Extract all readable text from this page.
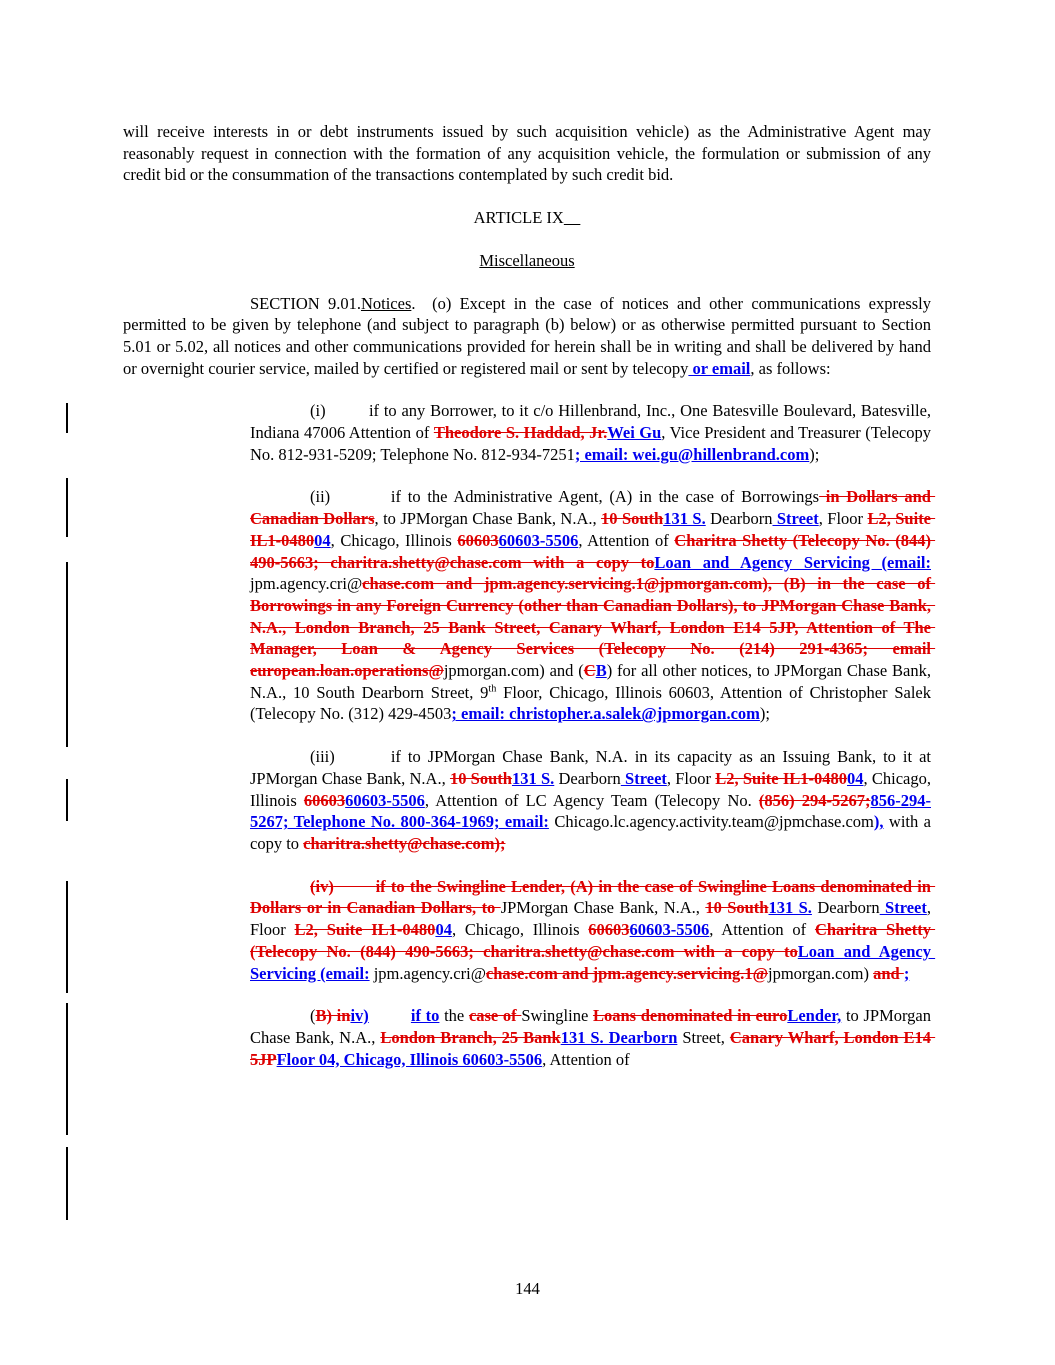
will receive interests in or debt instruments issued by such acquisition vehicle) as the Administrative Agent may reasonably request in connection with the formation of any acquisition vehicle, the formulation or submission of any credit bid or the consummation of the transactions contemplated by such credit bid.

ARTICLE IX

Miscellaneous

SECTION 9.01.Notices.  (o) Except in the case of notices and other communications expressly permitted to be given by telephone (and subject to paragraph (b) below) or as otherwise permitted pursuant to Section 5.01 or 5.02, all notices and other communications provided for herein shall be in writing and shall be delivered by hand or overnight courier service, mailed by certified or registered mail or sent by telecopy or email, as follows:

(i)	if to any Borrower, to it c/o Hillenbrand, Inc., One Batesville Boulevard, Batesville, Indiana 47006 Attention of Theodore S. Haddad, Jr.Wei Gu, Vice President and Treasurer (Telecopy No. 812-931-5209; Telephone No. 812-934-7251; email: wei.gu@hillenbrand.com);

(ii)	if to the Administrative Agent, (A) in the case of Borrowings in Dollars and Canadian Dollars, to JPMorgan Chase Bank, N.A., 10 South131 S. Dearborn Street, Floor L2, Suite IL1-048004, Chicago, Illinois 6060360603-5506, Attention of Charitra Shetty (Telecopy No. (844) 490-5663; charitra.shetty@chase.com with a copy toLoan and Agency Servicing (email: jpm.agency.cri@chase.com and jpm.agency.servicing.1@jpmorgan.com), (B) in the case of Borrowings in any Foreign Currency (other than Canadian Dollars), to JPMorgan Chase Bank, N.A., London Branch, 25 Bank Street, Canary Wharf, London E14 5JP, Attention of The Manager, Loan & Agency Services (Telecopy No. (214) 291-4365; email european.loan.operations@jpmorgan.com) and (CB) for all other notices, to JPMorgan Chase Bank, N.A., 10 South Dearborn Street, 9th Floor, Chicago, Illinois 60603, Attention of Christopher Salek (Telecopy No. (312) 429-4503; email: christopher.a.salek@jpmorgan.com);

(iii)	if to JPMorgan Chase Bank, N.A. in its capacity as an Issuing Bank, to it at JPMorgan Chase Bank, N.A., 10 South131 S. Dearborn Street, Floor L2, Suite IL1-048004, Chicago, Illinois 6060360603-5506, Attention of LC Agency Team (Telecopy No. (856) 294-5267;856-294-5267; Telephone No. 800-364-1969; email: Chicago.lc.agency.activity.team@jpmchase.com), with a copy to charitra.shetty@chase.com);

(iv)	if to the Swingline Lender, (A) in the case of Swingline Loans denominated in Dollars or in Canadian Dollars, to JPMorgan Chase Bank, N.A., 10 South131 S. Dearborn Street, Floor L2, Suite IL1-048004, Chicago, Illinois 6060360603-5506, Attention of Charitra Shetty (Telecopy No. (844) 490-5663; charitra.shetty@chase.com with a copy toLoan and Agency Servicing (email: jpm.agency.cri@chase.com and jpm.agency.servicing.1@jpmorgan.com) and ;

(B) iniv)	if to the case of Swingline Loans denominated in euroLender, to JPMorgan Chase Bank, N.A., London Branch, 25 Bank131 S. Dearborn Street, Canary Wharf, London E14 5JPFloor 04, Chicago, Illinois 60603-5506, Attention of

144
